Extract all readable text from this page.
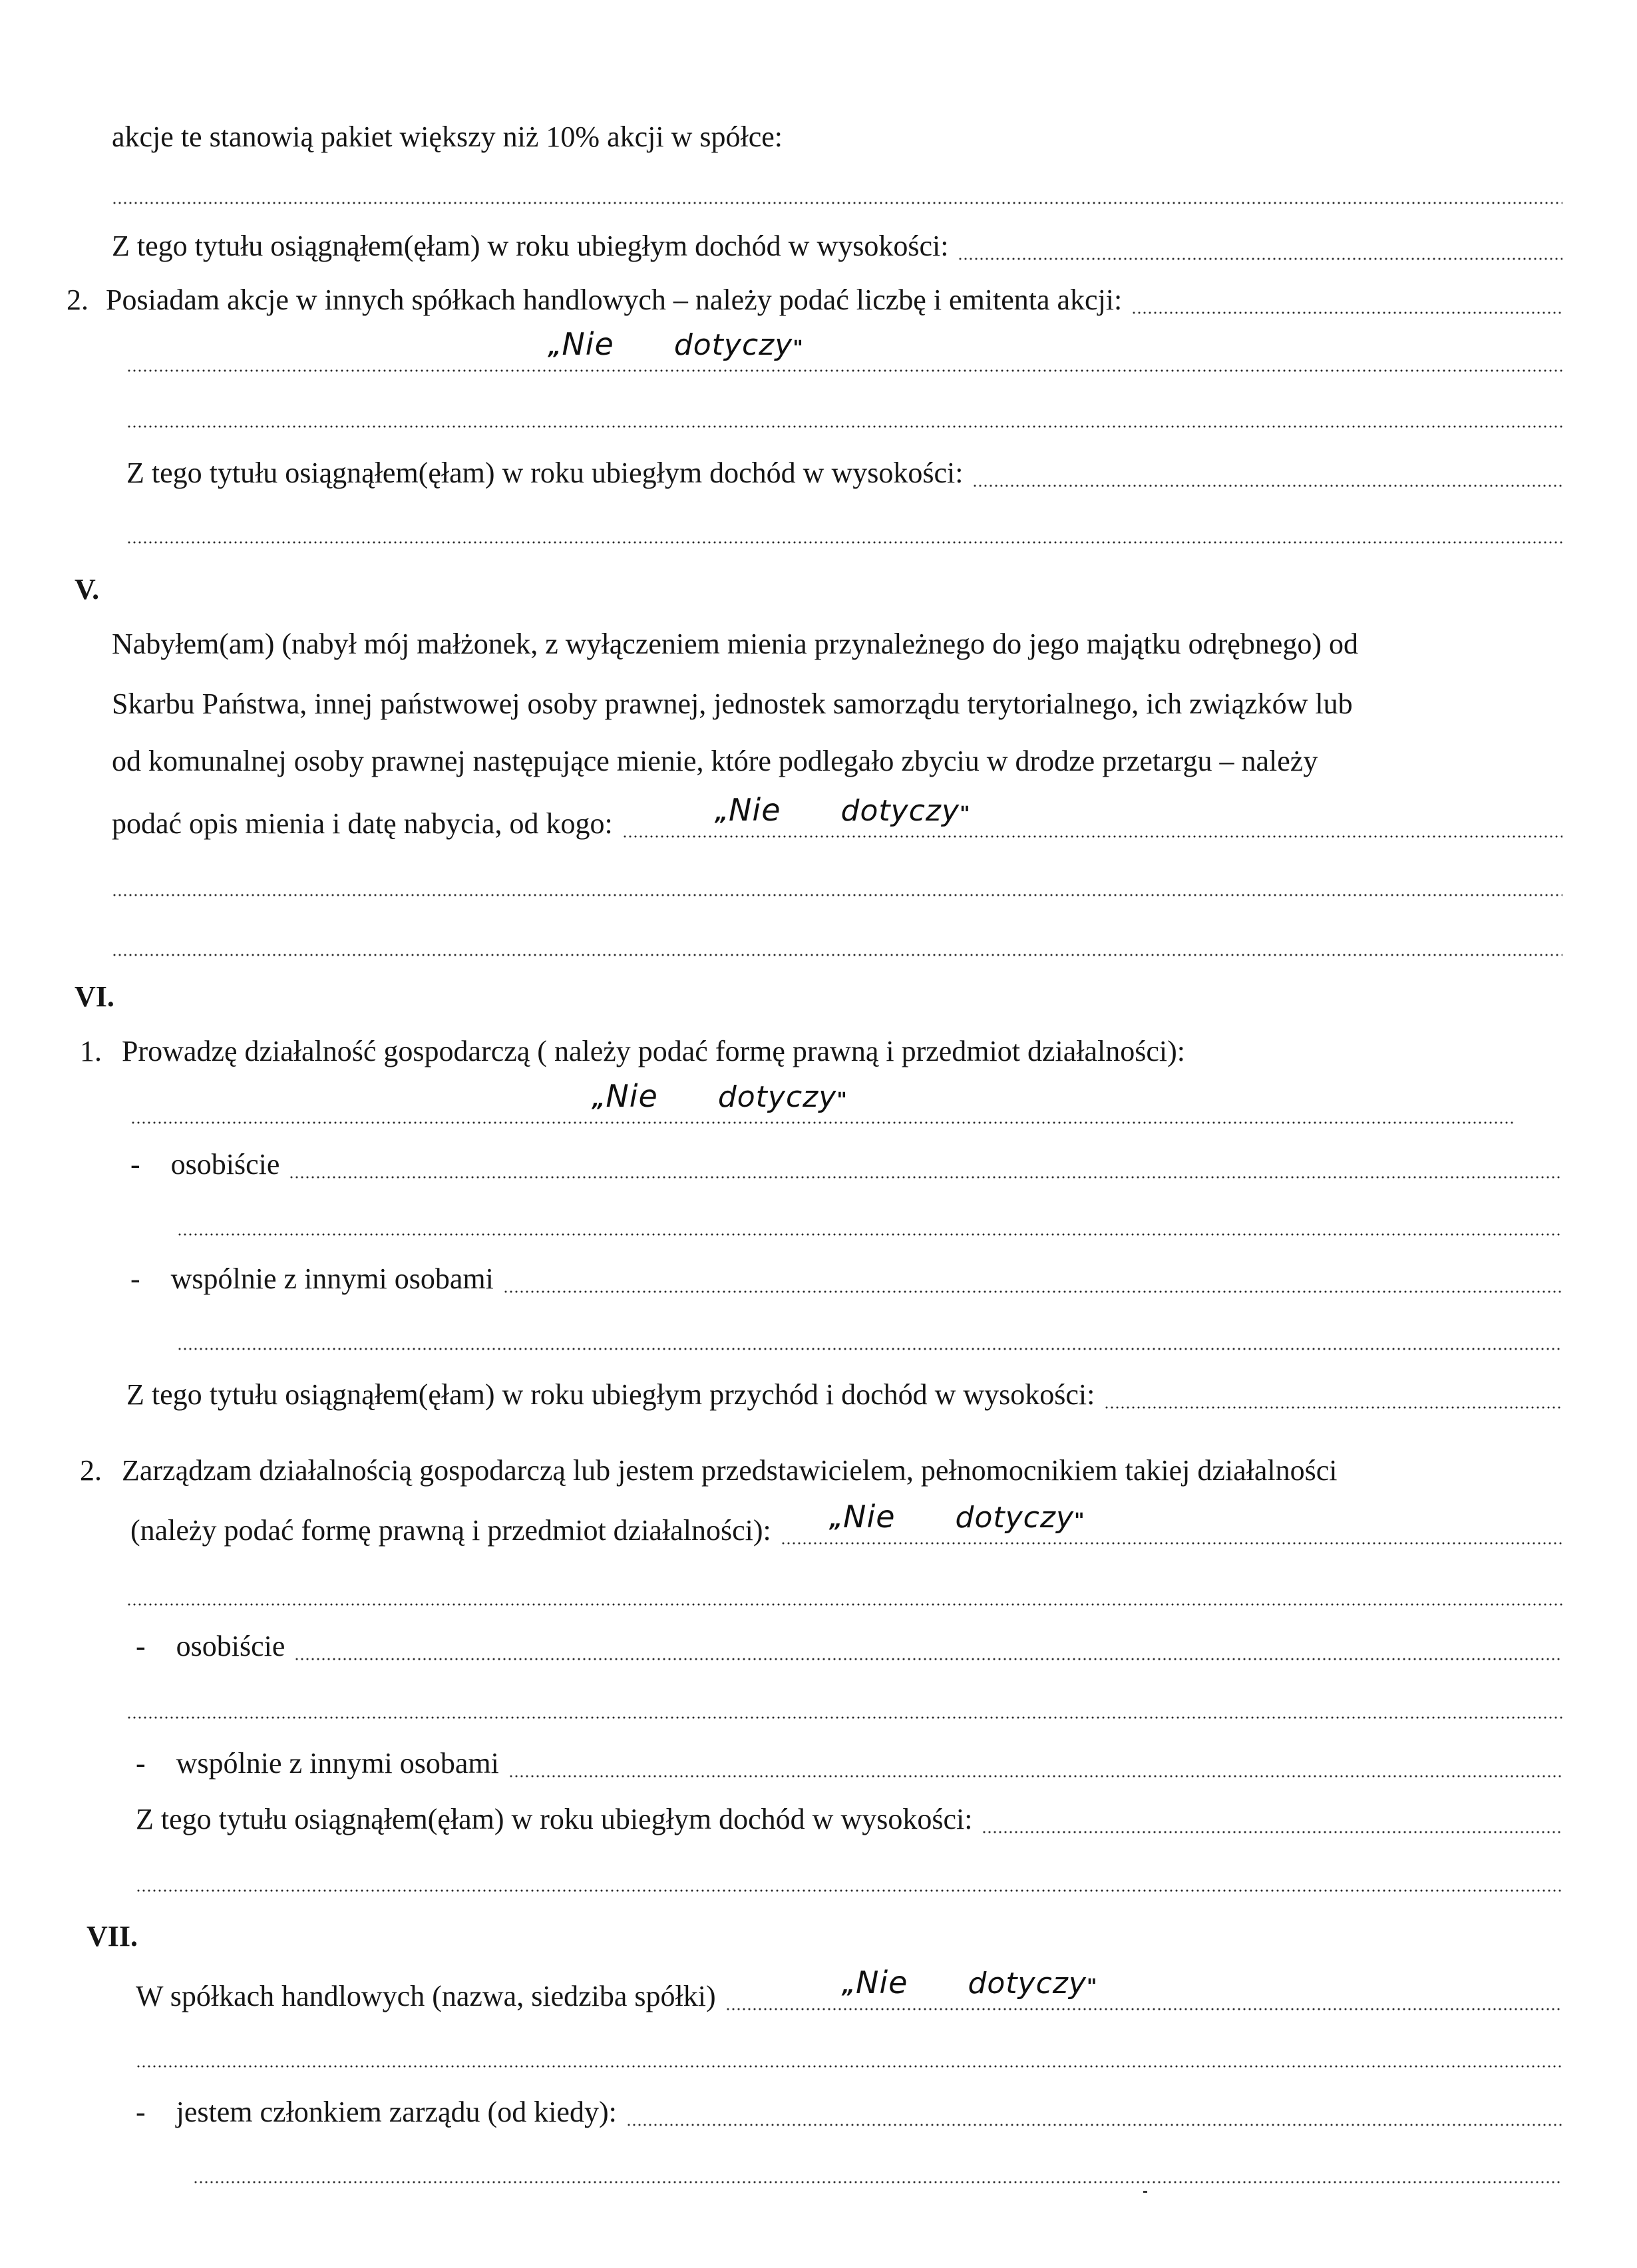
akcje te stanowią pakiet większy niż 10% akcji w spółce:
Z tego tytułu osiągnąłem(ęłam) w roku ubiegłym dochód w wysokości:
2. Posiadam akcje w innych spółkach handlowych – należy podać liczbę i emitenta akcji:
„Nie dotyczy"
Z tego tytułu osiągnąłem(ęłam) w roku ubiegłym dochód w wysokości:
V.
Nabyłem(am) (nabył mój małżonek, z wyłączeniem mienia przynależnego do jego majątku odrębnego) od
Skarbu Państwa, innej państwowej osoby prawnej, jednostek samorządu terytorialnego, ich związków lub
od komunalnej osoby prawnej następujące mienie, które podlegało zbyciu w drodze przetargu – należy
podać opis mienia i datę nabycia, od kogo:	„Nie dotyczy"
VI.
1. Prowadzę działalność gospodarczą ( należy podać formę prawną i przedmiot działalności):
„Nie dotyczy"
- osobiście
- wspólnie z innymi osobami
Z tego tytułu osiągnąłem(ęłam) w roku ubiegłym przychód i dochód w wysokości:
2. Zarządzam działalnością gospodarczą lub jestem przedstawicielem, pełnomocnikiem takiej działalności
(należy podać formę prawną i przedmiot działalności):	„Nie dotyczy"
- osobiście
- wspólnie z innymi osobami
Z tego tytułu osiągnąłem(ęłam) w roku ubiegłym dochód w wysokości:
VII.
W spółkach handlowych (nazwa, siedziba spółki)	„Nie dotyczy"
- jestem członkiem zarządu (od kiedy):
